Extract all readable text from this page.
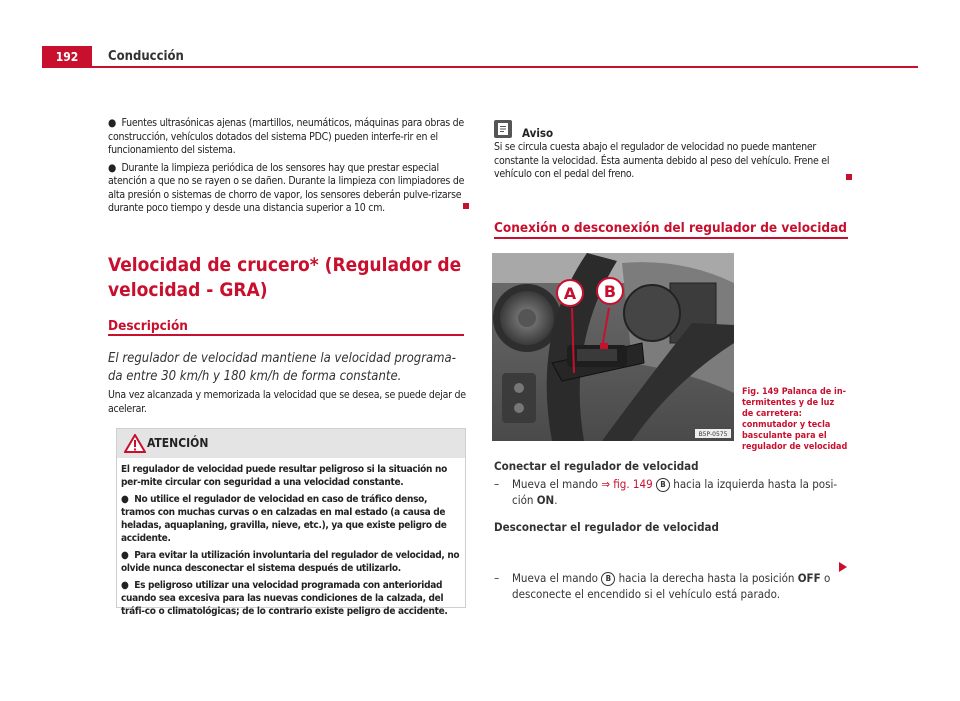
192	Conducción

●  Fuentes ultrasónicas ajenas (martillos, neumáticos, máquinas para obras de construcción, vehículos dotados del sistema PDC) pueden interfe-rir en el funcionamiento del sistema.

●  Durante la limpieza periódica de los sensores hay que prestar especial atención a que no se rayen o se dañen. Durante la limpieza con limpiadores de alta presión o sistemas de chorro de vapor, los sensores deberán pulve-rizarse durante poco tiempo y desde una distancia superior a 10 cm.

Velocidad de crucero* (Regulador de
velocidad - GRA)
Descripción
El regulador de velocidad mantiene la velocidad programa-
da entre 30 km/h y 180 km/h de forma constante.
Una vez alcanzada y memorizada la velocidad que se desea, se puede dejar de acelerar.
ATENCIÓN

El regulador de velocidad puede resultar peligroso si la situación no per-mite circular con seguridad a una velocidad constante.

●  No utilice el regulador de velocidad en caso de tráfico denso, tramos con muchas curvas o en calzadas en mal estado (a causa de heladas, aquaplaning, gravilla, nieve, etc.), ya que existe peligro de accidente.

●  Para evitar la utilización involuntaria del regulador de velocidad, no olvide nunca desconectar el sistema después de utilizarlo.

●  Es peligroso utilizar una velocidad programada con anterioridad cuando sea excesiva para las nuevas condiciones de la calzada, del tráfi-co o climatológicas; de lo contrario existe peligro de accidente.

Aviso
Si se circula cuesta abajo el regulador de velocidad no puede mantener constante la velocidad. Ésta aumenta debido al peso del vehículo. Frene el vehículo con el pedal del freno.
Conexión o desconexión del regulador de velocidad
A B
B5P-0575
Fig. 149 Palanca de in-termitentes y de luz de carretera: conmutador y tecla basculante para el regulador de velocidad
Conectar el regulador de velocidad
– Mueva el mando ⇒ fig. 149 B hacia la izquierda hasta la posi-
ción ON.
Desconectar el regulador de velocidad
– Mueva el mando B hacia la derecha hasta la posición OFF o
desconecte el encendido si el vehículo está parado.
